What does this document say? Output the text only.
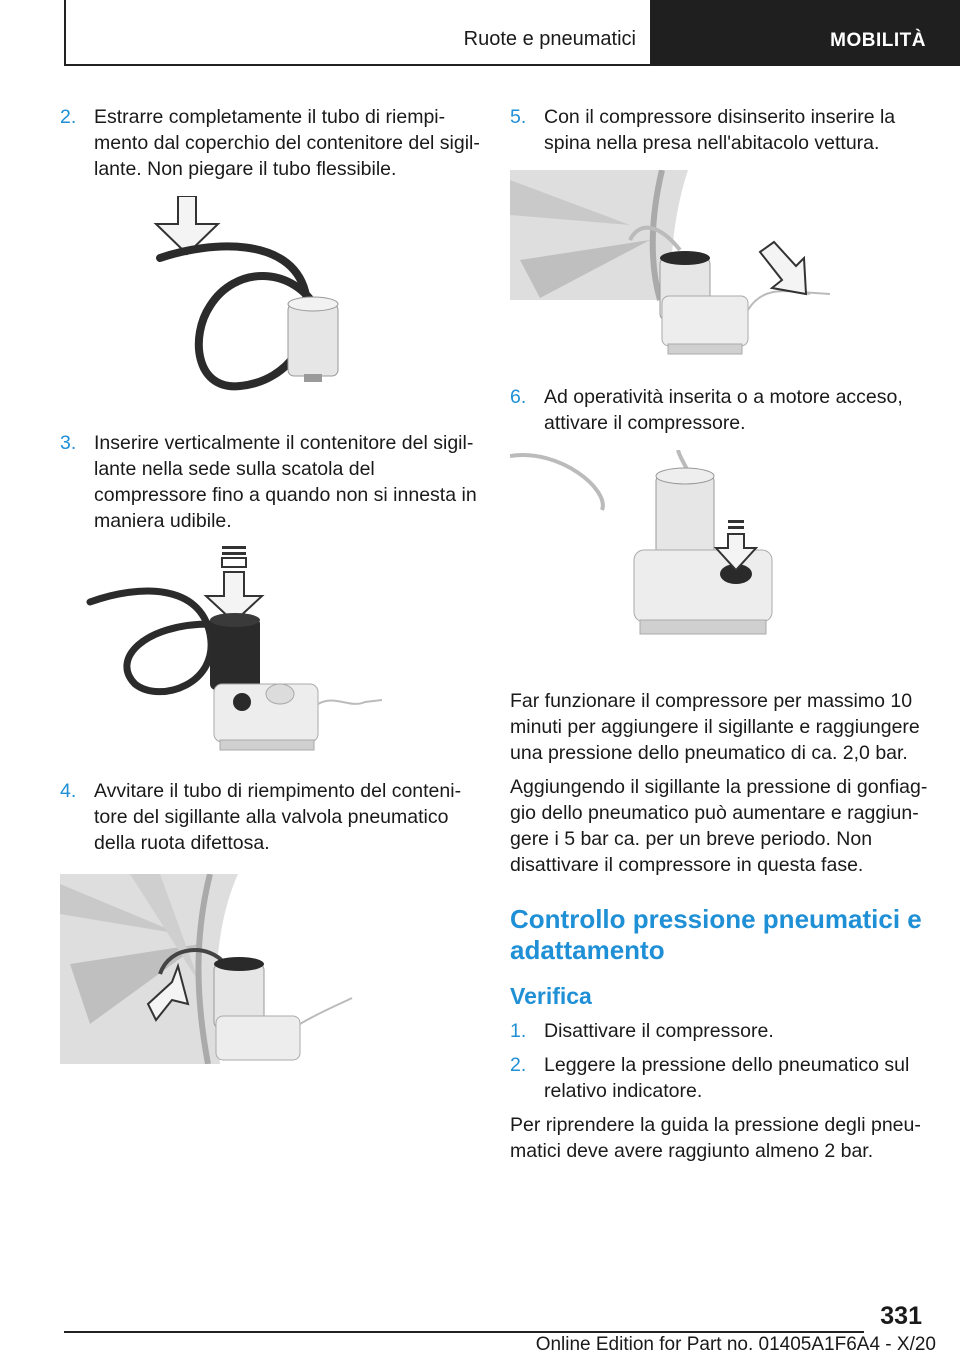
Ruote e pneumatici	MOBILITÀ
2. Estrarre completamente il tubo di riempimento dal coperchio del contenitore del sigillante. Non piegare il tubo flessibile.
3. Inserire verticalmente il contenitore del sigillante nella sede sulla scatola del compressore fino a quando non si innesta in maniera udibile.
4. Avvitare il tubo di riempimento del contenitore del sigillante alla valvola pneumatico della ruota difettosa.
5. Con il compressore disinserito inserire la spina nella presa nell'abitacolo vettura.
6. Ad operatività inserita o a motore acceso, attivare il compressore.

Far funzionare il compressore per massimo 10 minuti per aggiungere il sigillante e raggiungere una pressione dello pneumatico di ca. 2,0 bar.

Aggiungendo il sigillante la pressione di gonfiaggio dello pneumatico può aumentare e raggiungere i 5 bar ca. per un breve periodo. Non disattivare il compressore in questa fase.

Controllo pressione pneumatici e adattamento
Verifica
1. Disattivare il compressore.
2. Leggere la pressione dello pneumatico sul relativo indicatore.

Per riprendere la guida la pressione degli pneumatici deve avere raggiunto almeno 2 bar.

331
Online Edition for Part no. 01405A1F6A4 - X/20
